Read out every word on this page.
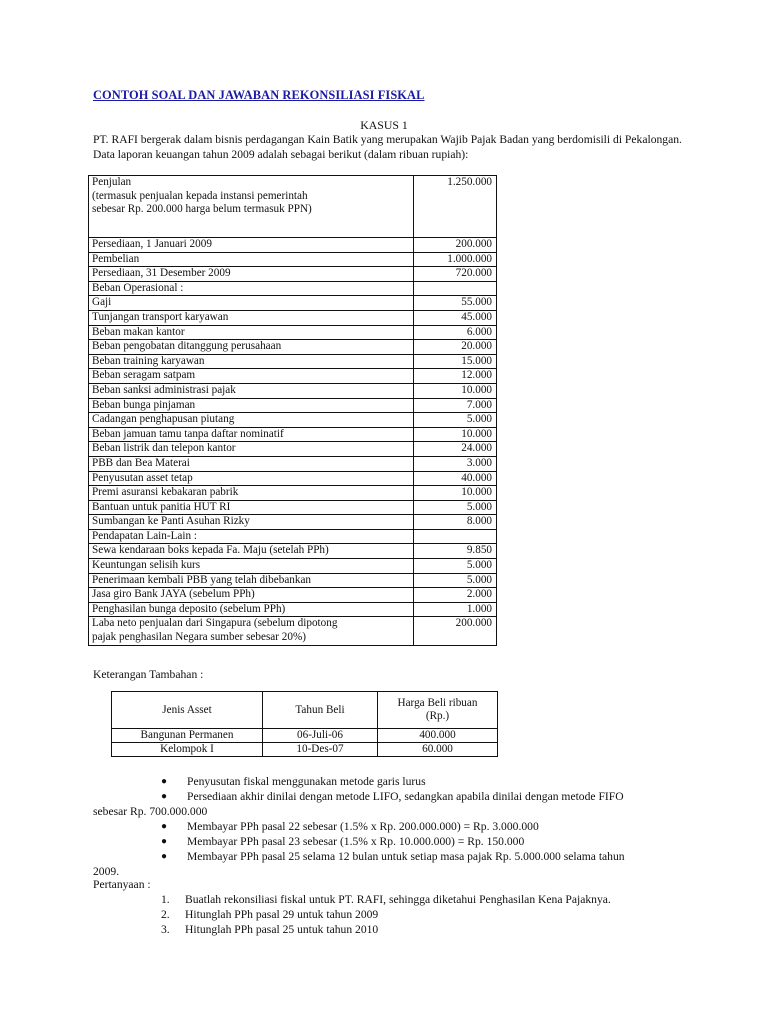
CONTOH SOAL DAN JAWABAN REKONSILIASI FISKAL
KASUS 1
PT. RAFI bergerak dalam bisnis perdagangan Kain Batik yang merupakan Wajib Pajak Badan yang berdomisili di Pekalongan. Data laporan keuangan tahun 2009 adalah sebagai berikut (dalam ribuan rupiah):
Penjulan
(termasuk penjualan kepada instansi pemerintah
sebesar Rp. 200.000 harga belum termasuk PPN)	1.250.000

Persediaan, 1 Januari 2009	200.000

Pembelian	1.000.000

Persediaan, 31 Desember 2009	720.000

Beban Operasional :	

Gaji	55.000

Tunjangan transport karyawan	45.000

Beban makan kantor	6.000

Beban pengobatan ditanggung perusahaan	20.000

Beban training karyawan	15.000

Beban seragam satpam	12.000

Beban sanksi administrasi pajak	10.000

Beban bunga pinjaman	7.000

Cadangan penghapusan piutang	5.000

Beban jamuan tamu tanpa daftar nominatif	10.000

Beban listrik dan telepon kantor	24.000

PBB dan Bea Materai	3.000

Penyusutan asset tetap	40.000

Premi asuransi kebakaran pabrik	10.000

Bantuan untuk panitia HUT RI	5.000

Sumbangan ke Panti Asuhan Rizky	8.000

Pendapatan Lain-Lain :	

Sewa kendaraan boks kepada Fa. Maju (setelah PPh)	9.850

Keuntungan selisih kurs	5.000

Penerimaan kembali PBB yang telah dibebankan	5.000

Jasa giro Bank JAYA (sebelum PPh)	2.000

Penghasilan bunga deposito (sebelum PPh)	1.000

Laba neto penjualan dari Singapura (sebelum dipotong
pajak penghasilan Negara sumber sebesar 20%)	200.000
Keterangan Tambahan :
Jenis Asset	Tahun Beli	Harga Beli ribuan
(Rp.)
Bangunan Permanen	06-Juli-06	400.000
Kelompok I	10-Des-07	60.000
●	Penyusutan fiskal menggunakan metode garis lurus
●	Persediaan akhir dinilai dengan metode LIFO, sedangkan apabila dinilai dengan metode FIFO
sebesar Rp. 700.000.000
●	Membayar PPh pasal 22 sebesar (1.5% x Rp. 200.000.000) = Rp. 3.000.000
●	Membayar PPh pasal 23 sebesar (1.5% x Rp. 10.000.000) = Rp. 150.000
●	Membayar PPh pasal 25 selama 12 bulan untuk setiap masa pajak Rp. 5.000.000 selama tahun
2009.
Pertanyaan :
1. Buatlah rekonsiliasi fiskal untuk PT. RAFI, sehingga diketahui Penghasilan Kena Pajaknya.
2. Hitunglah PPh pasal 29 untuk tahun 2009
3. Hitunglah PPh pasal 25 untuk tahun 2010
